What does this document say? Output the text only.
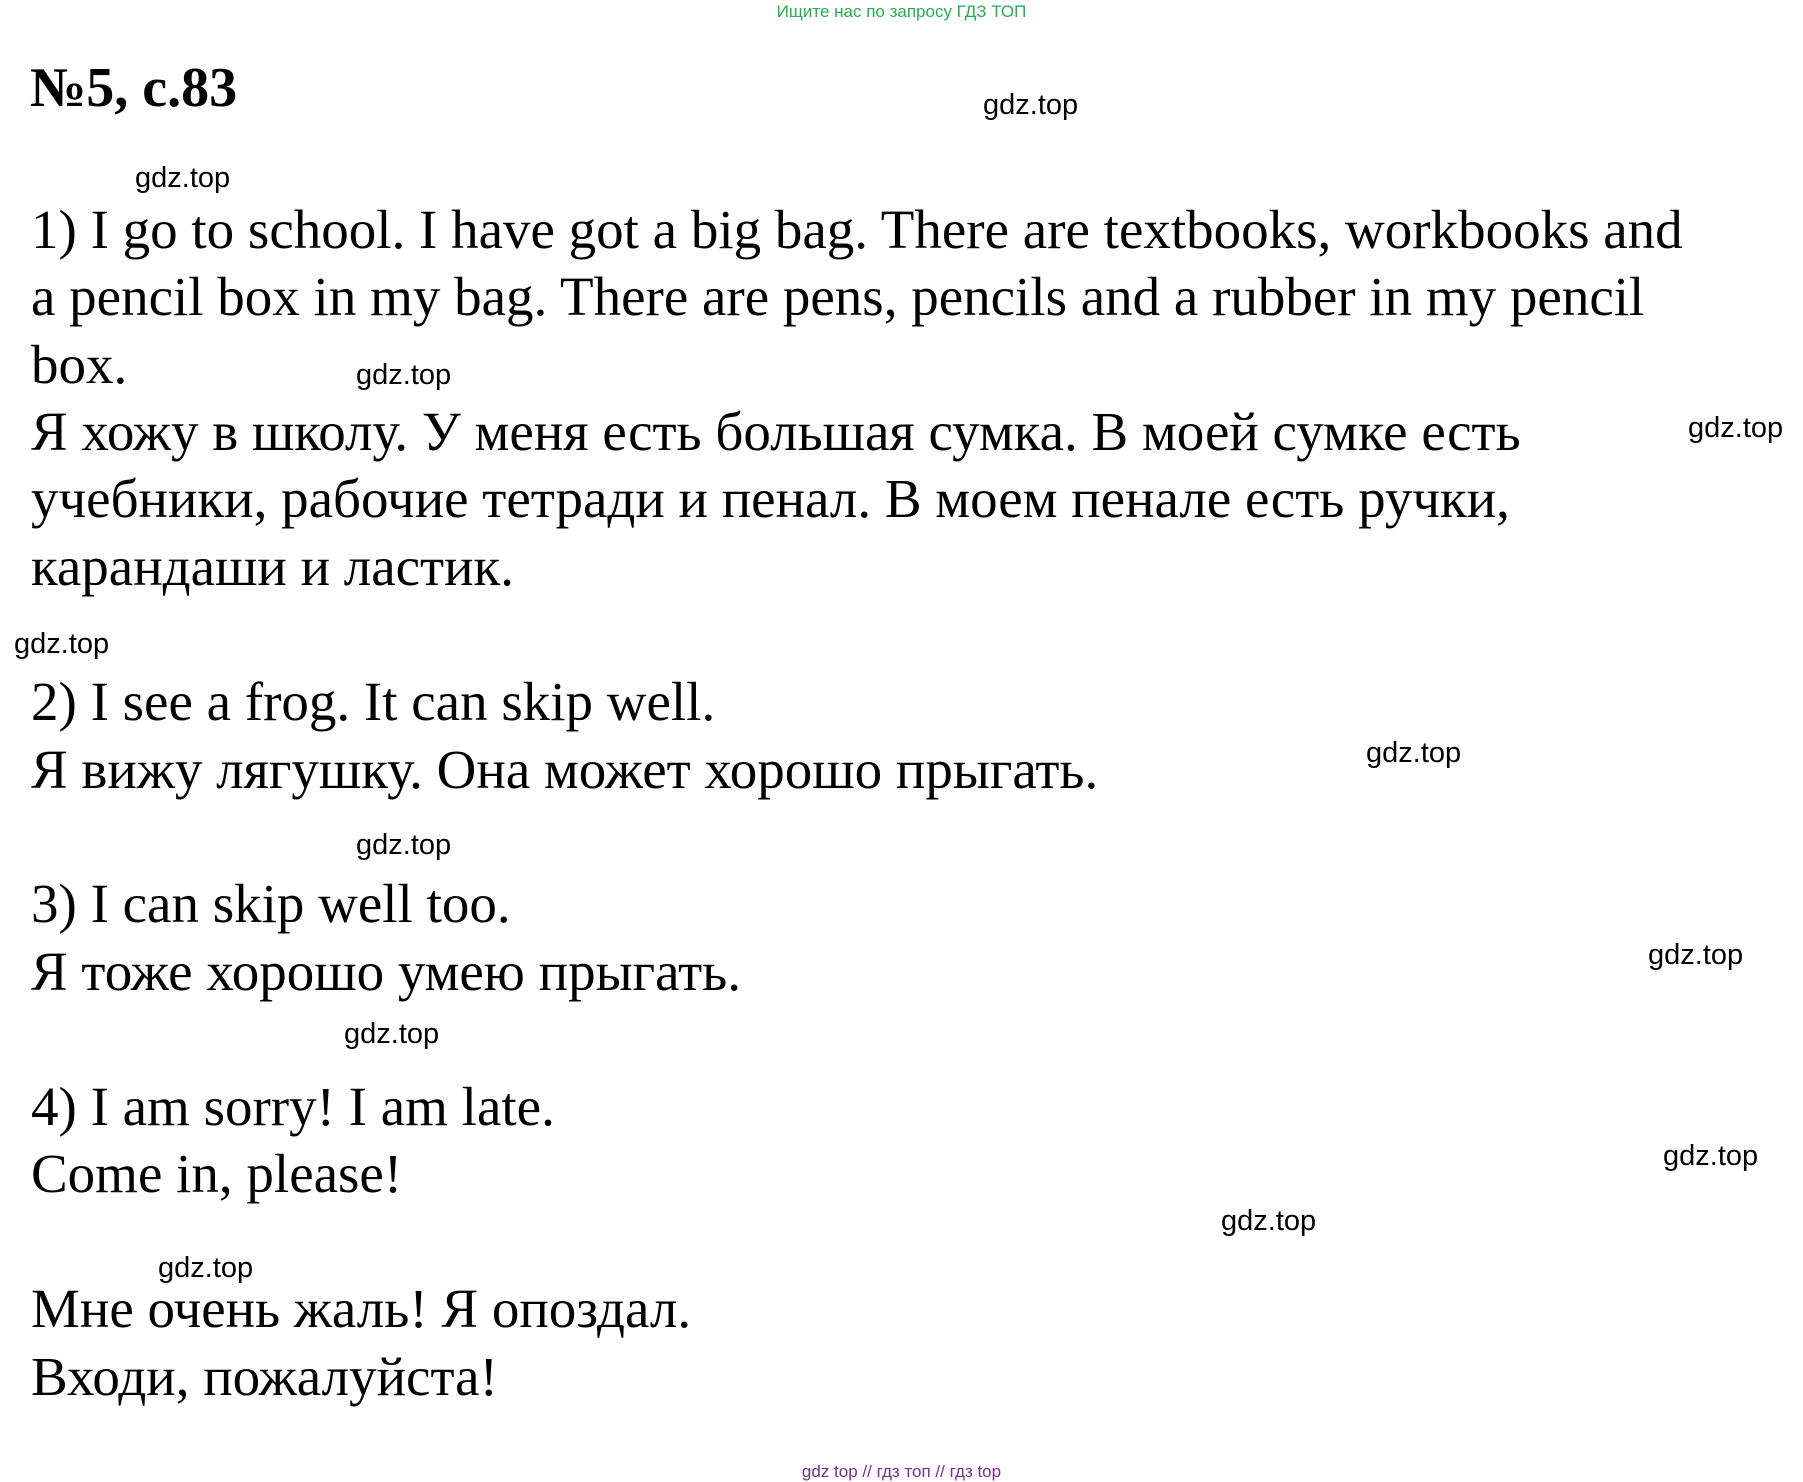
Ищите нас по запросу ГДЗ ТОП
№5, с.83	gdz.top
gdz.top
gdz.top
gdz.top
gdz.top
gdz.top
gdz.top
gdz.top
gdz.top
gdz.top
gdz.top
gdz.top
1) I go to school. I have got a big bag. There are textbooks, workbooks and
a pencil box in my bag. There are pens, pencils and a rubber in my pencil
box.
Я хожу в школу. У меня есть большая сумка. В моей сумке есть
учебники, рабочие тетради и пенал. В моем пенале есть ручки,
карандаши и ластик.
2) I see a frog. It can skip well.
Я вижу лягушку. Она может хорошо прыгать.
3) I can skip well too.
Я тоже хорошо умею прыгать.
4) I am sorry! I am late.
Come in, please!
Мне очень жаль! Я опоздал.
Входи, пожалуйста!
gdz top // гдз топ // гдз top
